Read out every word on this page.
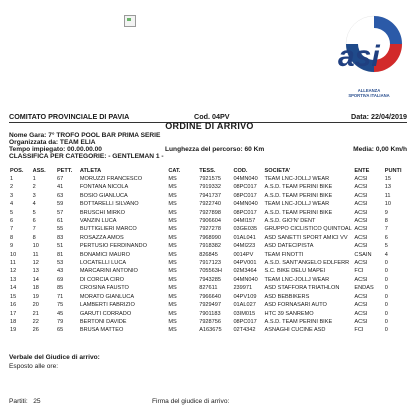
asi
ALLEANZA
SPORTIVA ITALIANA
COMITATO PROVINCIALE DI PAVIA	Cod. 04PV	Data: 22/04/2019
ORDINE DI ARRIVO
Nome Gara: 7° TROFO POOL BAR PRIMA SERIE
Organizzata da: TEAM ELIA
Tempo impiegato: 00.00.00.00	Lunghezza del percorso: 60 Km	Media: 0,00 Km/h
CLASSIFICA PER CATEGORIE: - GENTLEMAN 1 -
POS.	ASS.	PETT.	ATLETA	CAT.	TESS.	COD.	SOCIETA'	ENTE	PUNTI
1	1	67	MORUZZI FRANCESCO	MS	7921575	04MN040	TEAM LNC-JOLLJ WEAR	ACSI	15
2	2	41	FONTANA NICOLA	MS	7919332	08PC017	A.S.D. TEAM PERINI BIKE	ACSI	13
3	3	63	BOSIO GIANLUCA	MS	7941737	08PC017	A.S.D. TEAM PERINI BIKE	ACSI	11
4	4	59	BOTTARELLI SILVANO	MS	7922740	04MN040	TEAM LNC-JOLLJ WEAR	ACSI	10
5	5	57	BRUSCHI MIRKO	MS	7927898	08PC017	A.S.D. TEAM PERINI BIKE	ACSI	9
6	6	61	VANZIN LUCA	MS	7906604	04MI157	A.S.D. GIO'N' DENT	ACSI	8
7	7	55	BUTTIGLIERI MARCO	MS	7927278	03GE035	GRUPPO CICLISTICO QUINTOAL	ACSI	7
8	8	83	ROSAZZA AMOS	MS	7968990	01AL041	ASD SANETTI SPORT AMICI VV	ACSI	6
9	10	51	PERTUSIO FERDINANDO	MS	7918382	04MI223	ASD DATECIPISTA	ACSI	5
10	11	81	BONAMICI MAURO	MS	826845	0014PV	TEAM FINOTTI	CSAIN	4
11	12	53	LOCATELLI LUCA	MS	7917123	04PV001	A.S.D. SANT'ANGELO EDLFERR	ACSI	0
12	13	43	MARCARINI ANTONIO	MS	705563H	02M3464	S.C. BIKE DELU MAPEI	FCI	0
13	14	69	DI CORCIA CIRO	MS	7943285	04MN040	TEAM LNC-JOLLJ WEAR	ACSI	0
14	18	85	CROSINA FAUSTO	MS	827611	239971	ASD STAFFORA TRIATHLON	ENDAS	0
15	19	71	MORATO GIANLUCA	MS	7966640	04PV109	ASD BEBBIKERS	ACSI	0
16	20	75	LAMBERTI FABRIZIO	MS	7929497	01AL027	ASD FORNASARI AUTO	ACSI	0
17	21	45	GARUTI CORRADO	MS	7901183	03IM015	HTC 39 SANREMO	ACSI	0
18	22	79	BERTONI DAVIDE	MS	7928756	08PC017	A.S.D. TEAM PERINI BIKE	ACSI	0
19	26	65	BRUSA MATTEO	MS	A163675	02T4342	ASNAGHI CUCINE ASD	FCI	0
Verbale del Giudice di arrivo:
Esposto alle ore:
Partiti: 25	Firma del giudice di arrivo:
